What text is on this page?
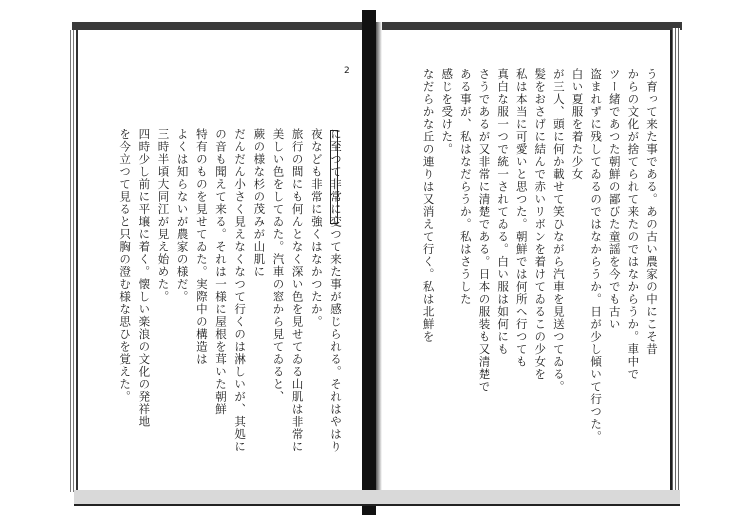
に至つて非常に変つて来た事が感じられる。それはやはり
夜なども非常に強くはなかつたか。
旅行の間にも何んとなく深い色を見せてゐる山肌は非常に
美しい色をしてゐた。汽車の窓から見てゐると、
蕨の様な杉の茂みが山肌に
だんだん小さく見えなくなつて行くのは淋しいが、其処に
の音も聞えて来る。それは一様に屋根を茸いた朝鮮
特有のものを見せてゐた。実際中の構造は
よくは知らないが農家の様だ。
三時半頃大同江が見え始めた。
四時少し前に平壌に着く。懐しい楽浪の文化の発祥地
を今立つて見ると只胸の澄む様な思ひを覚えた。	う育って来た事である。あの古い農家の中にこそ昔
からの文化が捨てられて来たのではなからうか。車中で
ツー緒であつた朝鮮の鄙びた童謡を今でも古い
盗まれずに残してゐるのではなからうか。日が少し傾いて行つた。
白い夏服を着た少女
が三人、頭に何か載せて笑ひながら汽車を見送つてゐる。
髪をおさげに結んで赤いリボンを着けてゐるこの少女を
私は本当に可愛いと思つた。朝鮮では何所へ行つても
真白な服一つで統一されてゐる。白い服は如何にも
さうであるが又非常に清楚である。日本の服装も又清楚で
ある事が、私はなだらうか。私はさうした
感じを受けた。
なだらかな丘の連りは又消えて行く。私は北鮮を
2
